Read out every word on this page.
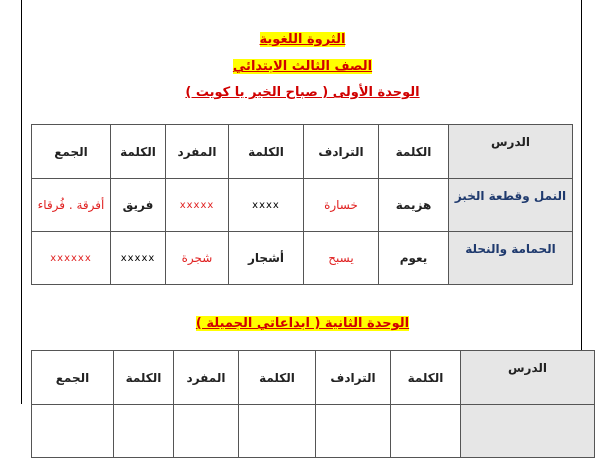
الثروة اللغوية
الصف الثالث الابتدائي
الوحدة الأولى ( صباح الخير يا كويت )
الدرس	الكلمة	الترادف	الكلمة	المفرد	الكلمة	الجمع
النمل وقطعة الخبز	هزيمة	خسارة	xxxx	xxxxx	فريق	أفرقة . فُرقاء
الحمامة والنحلة	يعوم	يسبح	أشجار	شجرة	xxxxx	xxxxxx
الوحدة الثانية ( ابداعاتي الجميلة )
الدرس	الكلمة	الترادف	الكلمة	المفرد	الكلمة	الجمع
